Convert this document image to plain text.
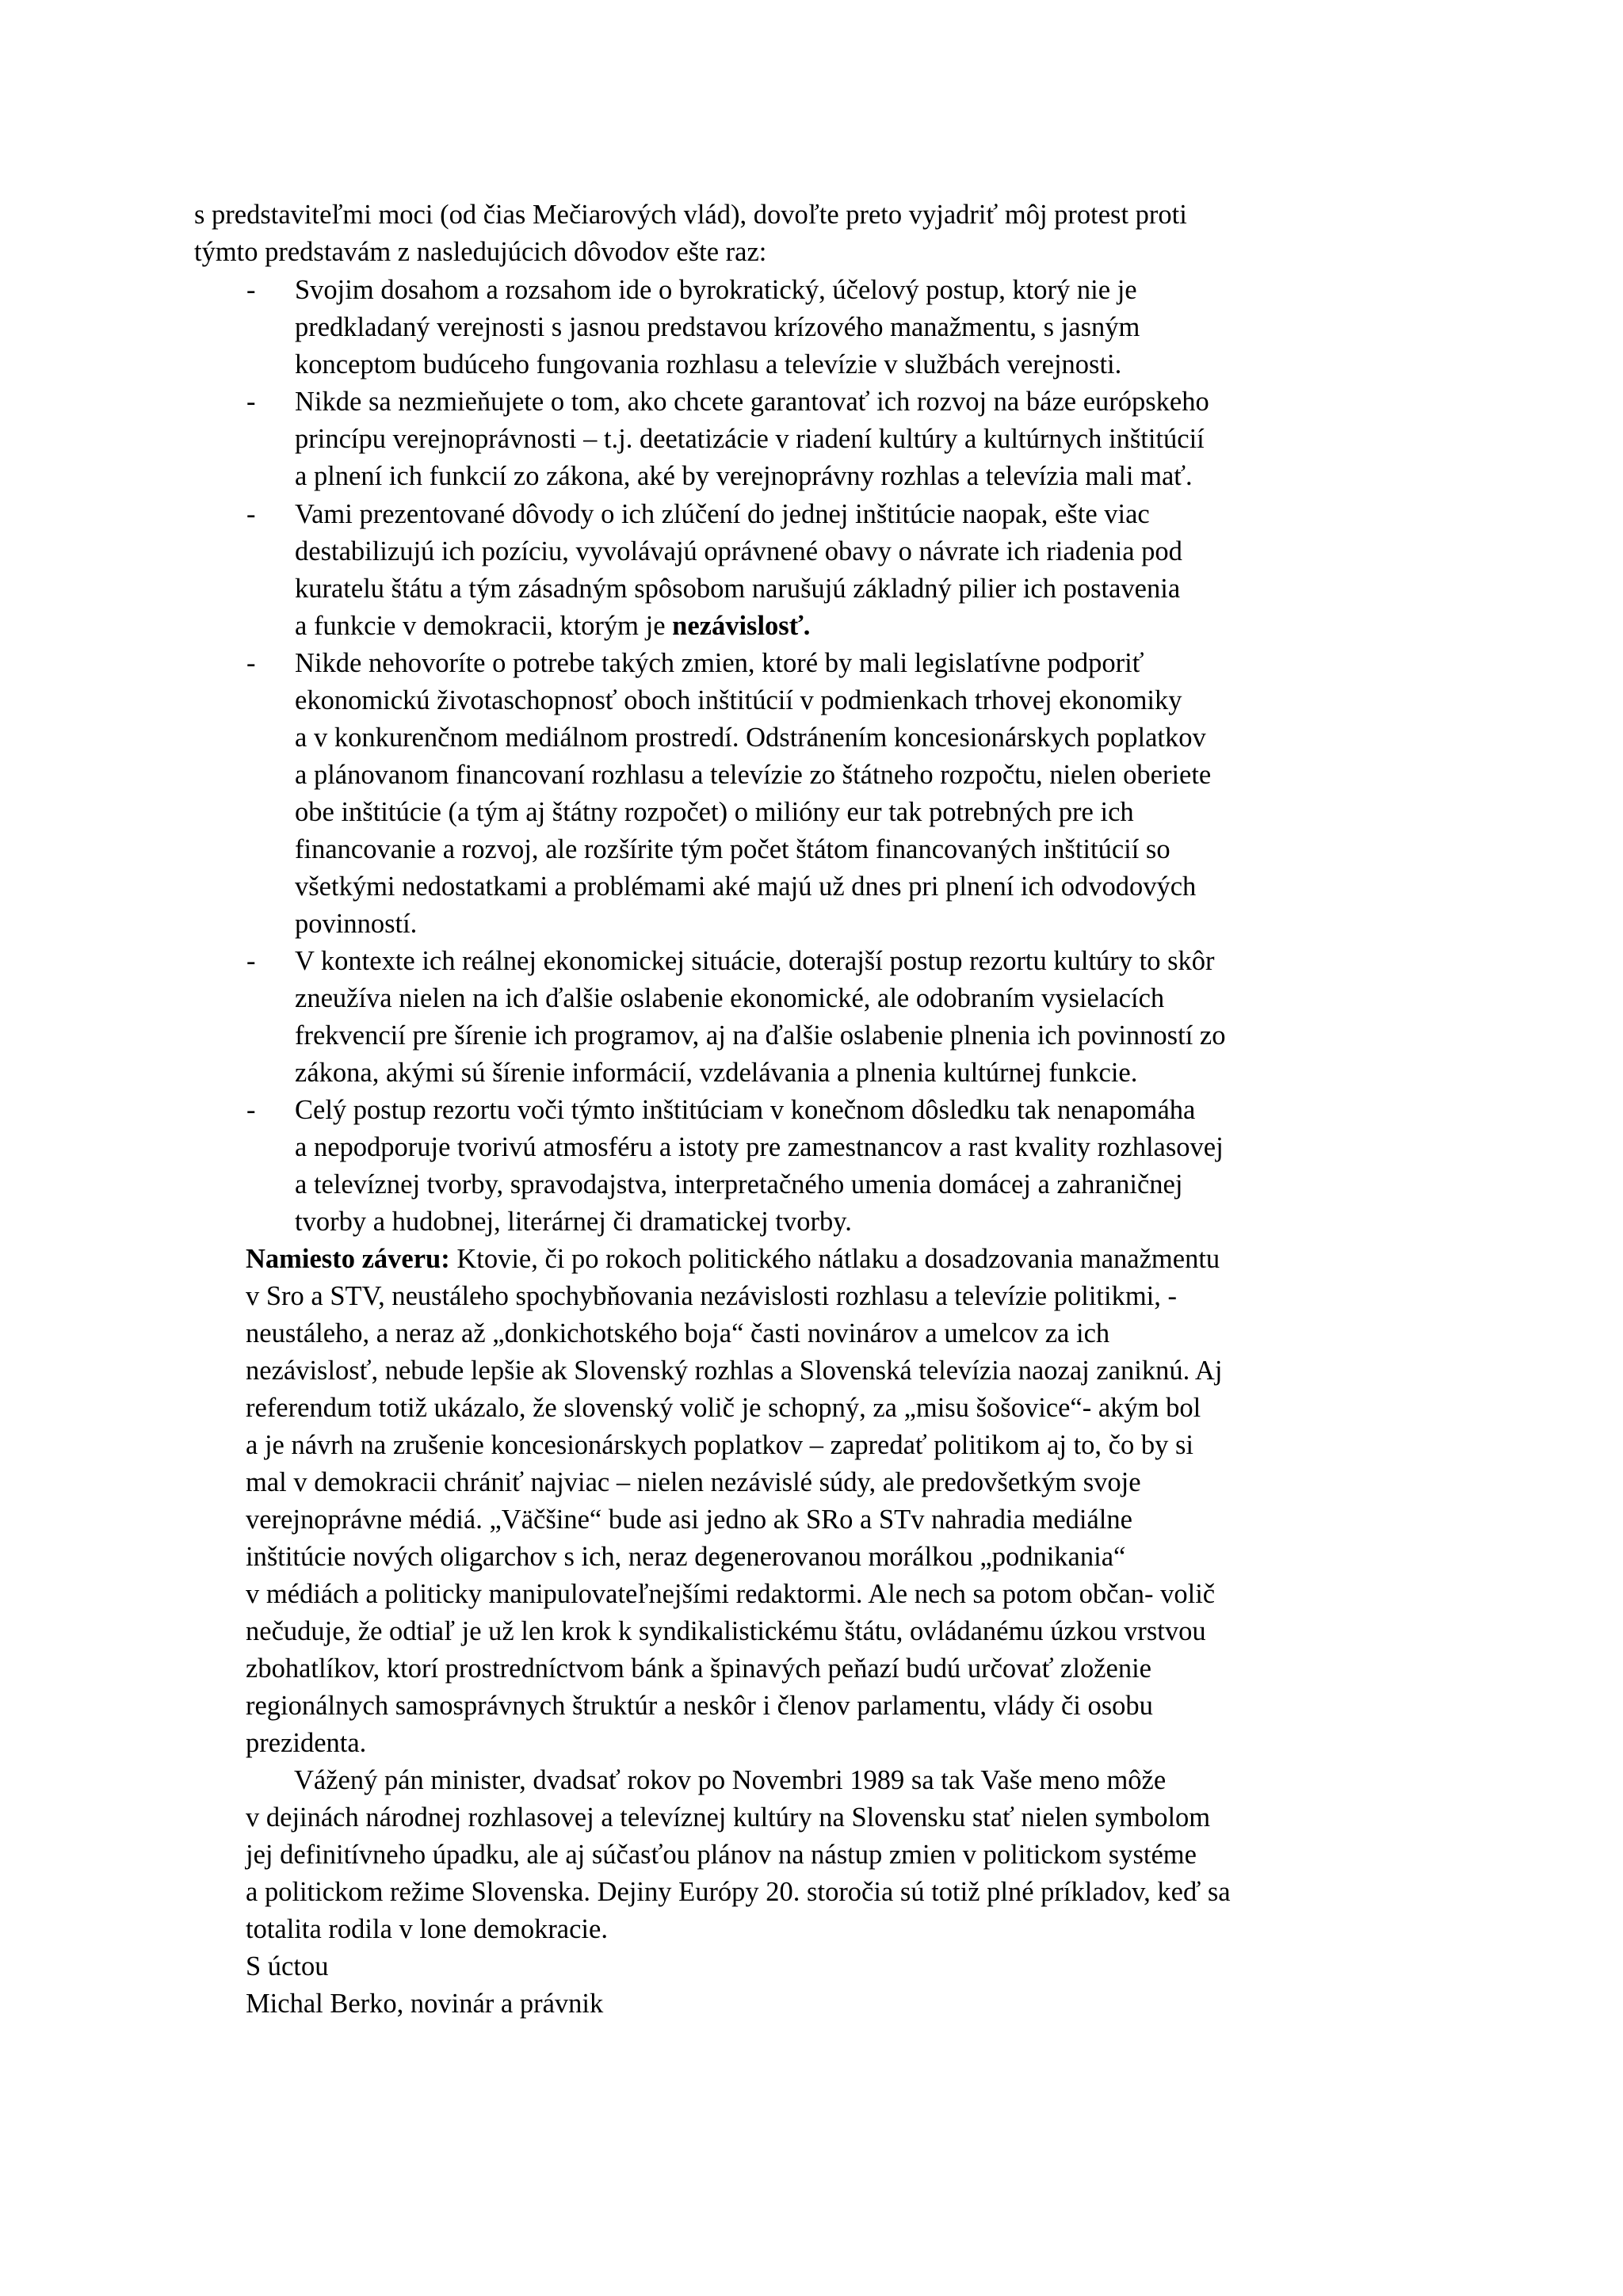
s predstaviteľmi moci (od čias Mečiarových vlád), dovoľte preto vyjadriť môj protest proti
týmto predstavám z nasledujúcich dôvodov ešte raz:
- Svojim dosahom a rozsahom ide o byrokratický, účelový postup, ktorý nie je
predkladaný verejnosti s jasnou predstavou krízového manažmentu, s jasným
konceptom budúceho fungovania rozhlasu a televízie v službách verejnosti.
- Nikde sa nezmieňujete o tom, ako chcete garantovať ich rozvoj na báze európskeho
princípu verejnoprávnosti – t.j. deetatizácie v riadení kultúry a kultúrnych inštitúcií
a plnení ich funkcií zo zákona, aké by verejnoprávny rozhlas a televízia mali mať.
- Vami prezentované dôvody o ich zlúčení do jednej inštitúcie naopak, ešte viac
destabilizujú ich pozíciu, vyvolávajú oprávnené obavy o návrate ich riadenia pod
kuratelu štátu a tým zásadným spôsobom narušujú základný pilier ich postavenia
a funkcie v demokracii, ktorým je nezávislosť.
- Nikde nehovoríte o potrebe takých zmien, ktoré by mali legislatívne podporiť
ekonomickú životaschopnosť oboch inštitúcií v podmienkach trhovej ekonomiky
a v konkurenčnom mediálnom prostredí. Odstránením koncesionárskych poplatkov
a plánovanom financovaní rozhlasu a televízie zo štátneho rozpočtu, nielen oberiete
obe inštitúcie (a tým aj štátny rozpočet) o milióny eur tak potrebných pre ich
financovanie a rozvoj, ale rozšírite tým počet štátom financovaných inštitúcií so
všetkými nedostatkami a problémami aké majú už dnes pri plnení ich odvodových
povinností.
- V kontexte ich reálnej ekonomickej situácie, doterajší postup rezortu kultúry to skôr
zneužíva nielen na ich ďalšie oslabenie ekonomické, ale odobraním vysielacích
frekvencií pre šírenie ich programov, aj na ďalšie oslabenie plnenia ich povinností zo
zákona, akými sú šírenie informácií, vzdelávania a plnenia kultúrnej funkcie.
- Celý postup rezortu voči týmto inštitúciam v konečnom dôsledku tak nenapomáha
a nepodporuje tvorivú atmosféru a istoty pre zamestnancov a rast kvality rozhlasovej
a televíznej tvorby, spravodajstva, interpretačného umenia domácej a zahraničnej
tvorby a hudobnej, literárnej či dramatickej tvorby.
Namiesto záveru: Ktovie, či po rokoch politického nátlaku a dosadzovania manažmentu
v Sro a STV, neustáleho spochybňovania nezávislosti rozhlasu a televízie politikmi, -
neustáleho, a neraz až „donkichotského boja“ časti novinárov a umelcov za ich
nezávislosť, nebude lepšie ak Slovenský rozhlas a Slovenská televízia naozaj zaniknú. Aj
referendum totiž ukázalo, že slovenský volič je schopný, za „misu šošovice“- akým bol
a je návrh na zrušenie koncesionárskych poplatkov – zapredať politikom aj to, čo by si
mal v demokracii chrániť najviac – nielen nezávislé súdy, ale predovšetkým svoje
verejnoprávne médiá. „Väčšine“ bude asi jedno ak SRo a STv nahradia mediálne
inštitúcie nových oligarchov s ich, neraz degenerovanou morálkou „podnikania“
v médiách a politicky manipulovateľnejšími redaktormi. Ale nech sa potom občan- volič
nečuduje, že odtiaľ je už len krok k syndikalistickému štátu, ovládanému úzkou vrstvou
zbohatlíkov, ktorí prostredníctvom bánk a špinavých peňazí budú určovať zloženie
regionálnych samosprávnych štruktúr a neskôr i členov parlamentu, vlády či osobu
prezidenta.
Vážený pán minister, dvadsať rokov po Novembri 1989 sa tak Vaše meno môže
v dejinách národnej rozhlasovej a televíznej kultúry na Slovensku stať nielen symbolom
jej definitívneho úpadku, ale aj súčasťou plánov na nástup zmien v politickom systéme
a politickom režime Slovenska. Dejiny Európy 20. storočia sú totiž plné príkladov, keď sa
totalita rodila v lone demokracie.
S úctou
Michal Berko, novinár a právnik
